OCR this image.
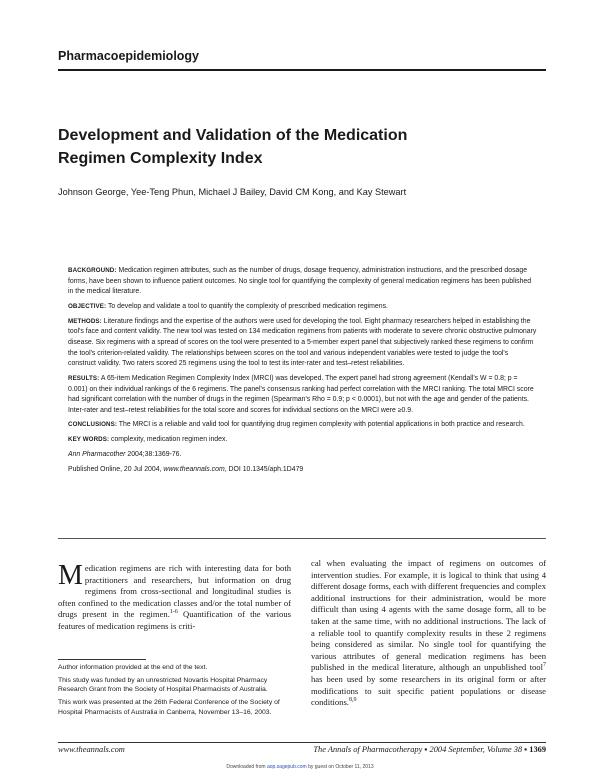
Pharmacoepidemiology
Development and Validation of the Medication Regimen Complexity Index
Johnson George, Yee-Teng Phun, Michael J Bailey, David CM Kong, and Kay Stewart

BACKGROUND: Medication regimen attributes, such as the number of drugs, dosage frequency, administration instructions, and the prescribed dosage forms, have been shown to influence patient outcomes. No single tool for quantifying the complexity of general medication regimens has been published in the medical literature.

OBJECTIVE: To develop and validate a tool to quantify the complexity of prescribed medication regimens.

METHODS: Literature findings and the expertise of the authors were used for developing the tool. Eight pharmacy researchers helped in establishing the tool's face and content validity. The new tool was tested on 134 medication regimens from patients with moderate to severe chronic obstructive pulmonary disease. Six regimens with a spread of scores on the tool were presented to a 5-member expert panel that subjectively ranked these regimens to confirm the tool's criterion-related validity. The relationships between scores on the tool and various independent variables were tested to judge the tool's construct validity. Two raters scored 25 regimens using the tool to test its inter-rater and test–retest reliabilities.

RESULTS: A 65-item Medication Regimen Complexity Index (MRCI) was developed. The expert panel had strong agreement (Kendall's W = 0.8; p = 0.001) on their individual rankings of the 6 regimens. The panel's consensus ranking had perfect correlation with the MRCI ranking. The total MRCI score had significant correlation with the number of drugs in the regimen (Spearman's Rho = 0.9; p < 0.0001), but not with the age and gender of the patients. Inter-rater and test–retest reliabilities for the total score and scores for individual sections on the MRCI were ≥0.9.

CONCLUSIONS: The MRCI is a reliable and valid tool for quantifying drug regimen complexity with potential applications in both practice and research.

KEY WORDS: complexity, medication regimen index.

Ann Pharmacother 2004;38:1369-76.

Published Online, 20 Jul 2004, www.theannals.com, DOI 10.1345/aph.1D479

Medication regimens are rich with interesting data for both practitioners and researchers, but information on drug regimens from cross-sectional and longitudinal studies is often confined to the medication classes and/or the total number of drugs present in the regimen.$^{1-6}$ Quantification of the various features of medication regimens is criti-

cal when evaluating the impact of regimens on outcomes of intervention studies. For example, it is logical to think that using 4 different dosage forms, each with different frequencies and complex additional instructions for their administration, would be more difficult than using 4 agents with the same dosage form, all to be taken at the same time, with no additional instructions. The lack of a reliable tool to quantify complexity results in these 2 regimens being considered as similar. No single tool for quantifying the various attributes of general medication regimens has been published in the medical literature, although an unpublished tool$^7$ has been used by some researchers in its original form or after modifications to suit specific patient populations or disease conditions.$^{8,9}$

Author information provided at the end of the text.

This study was funded by an unrestricted Novartis Hospital Pharmacy Research Grant from the Society of Hospital Pharmacists of Australia.

This work was presented at the 26th Federal Conference of the Society of Hospital Pharmacists of Australia in Canberra, November 13–16, 2003.

www.theannals.com	The Annals of Pharmacotherapy ▪ 2004 September, Volume 38 ▪ 1369
Downloaded from aop.sagepub.com by guest on October 11, 2013
